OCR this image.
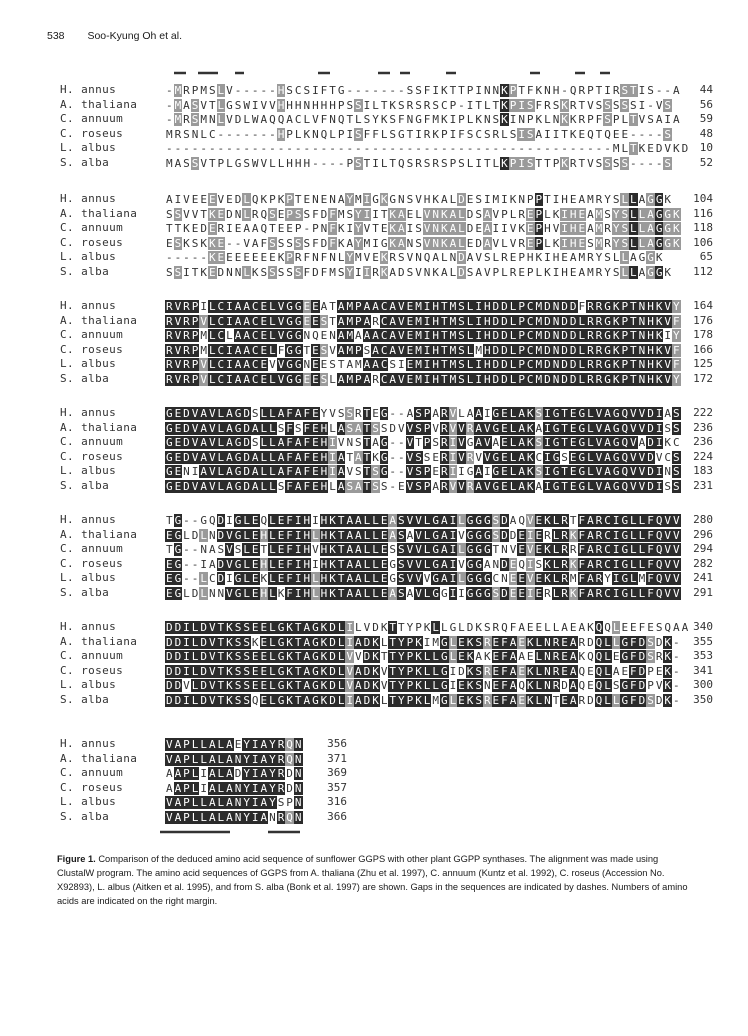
538 Soo-Kyung Oh et al.
H. annus	- M R P M S L V - - - - - H S C S I F T G - - - - - - - S S F I K T T P I N N K P T F K N H - Q R P T I R S T I S - - A	44
A. thaliana	- M A S V T L G S W I V V H H H N H H H P S S I L T K S R S R S C P - I T L T K P I S F R S K R T V S S S S S I - V S	56
C. annuum	- M R S M N L V D L W A Q Q A C L V F N Q T L S Y K S F N G F M K I P L K N S K I N P K L N K K R P F S P L T V S A I A	59
C. roseus	M R S N L C - - - - - - - H P L K N Q L P I S F F L S G T I R K P I F S C S R L S I S A I I T K E Q T Q E E - - - - S	48
L. albus	- - - - - - - - - - - - - - - - - - - - - - - - - - - - - - - - - - - - - - - - - - - - - - - - - - - - M L T K E D V K D	10
S. alba	M A S S V T P L G S W V L L H H H - - - - P S T I L T Q S R S R S P S L I T L K P I S T T P K R T V S S S S - - - - S	52
H. annus	A I V E E E V E D L Q K P K P T E N E N A Y M I G K G N S V H K A L D E S I M I K N P P T I H E A M R Y S L L A G G K	104
A. thaliana	S S V V T K E D N L R Q S E P S S F D F M S Y I I T K A E L V N K A L D S A V P L R E P L K I H E A M S Y S L L A G G K	116
C. annuum	T T K E D E R I E A A Q T E E P - P N F K I Y V T E K A I S V N K A L D E A I I V K E P H V I H E A M R Y S L L A G G K	118
C. roseus	E S K S K K E - - V A F S S S S S F D F K A Y M I G K A N S V N K A L E D A V L V R E P L K I H E S M R Y S L L A G G K	106
L. albus	- - - - - K E E E E E E E K P R F N F N L Y M V E K R S V N Q A L N D A V S L R E P H K I H E A M R Y S L L A G G K	65
S. alba	S S I T K E D N N L K S S S S S F D F M S Y I I R K A D S V N K A L D S A V P L R E P L K I H E A M R Y S L L A G G K	112
H. annus	R V R P I L C I A A C E L V G G E E A T A M P A A C A V E M I H T M S L I H D D L P C M D N D D F R R G K P T N H K V Y	164
A. thaliana	R V R P V L C I A A C E L V G G E E S T A M P A R C A V E M I H T M S L I H D D L P C M D N D D L R R G K P T N H K V F	176
C. annuum	R V R P M L C L A A C E L V G G N Q E N A M A A A C A V E M I H T M S L I H D D L P C M D N D D L R R G K P T N H K I Y	178
C. roseus	R V R P M L C I A A C E L F G G T E S V A M P S A C A V E M I H T M S L M H D D L P C M D N D D L R R G K P T N H K V F	166
L. albus	R V R P V L C I A A C E V V G G N E E S T A M A A C S I E M I H T M S L I H D D L P C M D N D D L R R G K P T N H K V F	125
S. alba	R V R P V L C I A A C E L V G G E E S L A M P A R C A V E M I H T M S L I H D D L P C M D N D D L R R G K P T N H K V Y	172
H. annus	G E D V A V L A G D S L L A F A F E Y V S S R T E G - - A S P A R V L A A I G E L A K S I G T E G L V A G Q V V D I A S	222
A. thaliana	G E D V A V L A G D A L L S F S F E H L A S A T S S D V V S P V R V V R A V G E L A K A I G T E G L V A G Q V V D I S S	236
C. annuum	G E D V A V L A G D S L L A F A F E H I V N S T A G - - V T P S R I V G A V A E L A K S I G T E G L V A G Q V A D I K C	236
C. roseus	G E D V A V L A G D A L L A F A F E H I A T A T K G - - V S S E R I V R V V G E L A K C I G S E G L V A G Q V V D V C S	224
L. albus	G E N I A V L A G D A L L A F A F E H I A V S T S G - - V S P E R I I G A I G E L A K S I G T E G L V A G Q V V D I N S	183
S. alba	G E D V A V L A G D A L L S F A F E H L A S A T S S - E V S P A R V V R A V G E L A K A I G T E G L V A G Q V V D I S S	231
H. annus	T G - - G Q D I G L E Q L E F I H I H K T A A L L E A S V V L G A I L G G G S D A Q V E K L R T F A R C I G L L F Q V V	280
A. thaliana	E G L D L N D V G L E H L E F I H L H K T A A L L E A S A V L G A I V G G G S D D E I E R L R K F A R C I G L L F Q V V	296
C. annuum	T G - - N A S V S L E T L E F I H V H K T A A L L E S S V V L G A I L G G G T N V E V E K L R R F A R C I G L L F Q V V	294
C. roseus	E G - - I A D V G L E H L E F I H I H K T A A L L E G S V V L G A I V G G A N D E Q I S K L R K F A R C I G L L F Q V V	282
L. albus	E G - - L C D I G L E K L E F I H L H K T A A L L E G S V V V G A I L G G G C N E E V E K L R M F A R Y I G L M F Q V V	241
S. alba	E G L D L N N V G L E H L K F I H L H K T A A L L E A S A V L G G I I G G G S D E E I E R L R K F A R C I G L L F Q V V	291
H. annus	D D I L D V T K S S E E L G K T A G K D L I L V D K T T Y P K L L G L D K S R Q F A E E L L A E A K Q Q L E E F E S Q A A 340
A. thaliana	D D I L D V T K S S K E L G K T A G K D L I A D K L T Y P K I M G L E K S R E F A E K L N R E A R D Q L L G F D S D K -	355
C. annuum	D D I L D V T K S S E E L G K T A G K D L V V D K T T Y P K L L G L E K A K E F A A E L N R E A K Q Q L E G F D S R K -	353
C. roseus	D D I L D V T K S S E E L G K T A G K D L V A D K V T Y P K L L G I D K S R E F A E K L N R E A Q E Q L A E F D P E K -	341
L. albus	D D V L D V T K S S E E L G K T A G K D L V A D K V T Y P K L L G I E K S N E F A Q K L N R D A Q E Q L S G F D P V K -	300
S. alba	D D I L D V T K S S Q E L G K T A G K D L I A D K L T Y P K L M G L E K S R E F A E K L N T E A R D Q L L G F D S D K -	350
H. annus	V A P L L A L A E Y I A Y R Q N	356
A. thaliana	V A P L L A L A N Y I A Y R Q N	371
C. annuum	A A P L I A L A D Y I A Y R D N	369
C. roseus	A A P L I A L A N Y I A Y R D N	357
L. albus	V A P L L A L A N Y I A Y S P N	316
S. alba	V A P L L A L A N Y I A N R Q N	366
Figure 1. Comparison of the deduced amino acid sequence of sunflower GGPS with other plant GGPP synthases. The alignment was made using ClustalW program. The amino acid sequences of GGPS from A. thaliana (Zhu et al. 1997), C. annuum (Kuntz et al. 1992), C. roseus (Accession No. X92893), L. albus (Aitken et al. 1995), and from S. alba (Bonk et al. 1997) are shown. Gaps in the sequences are indicated by dashes. Numbers of amino acids are indicated on the right margin.
